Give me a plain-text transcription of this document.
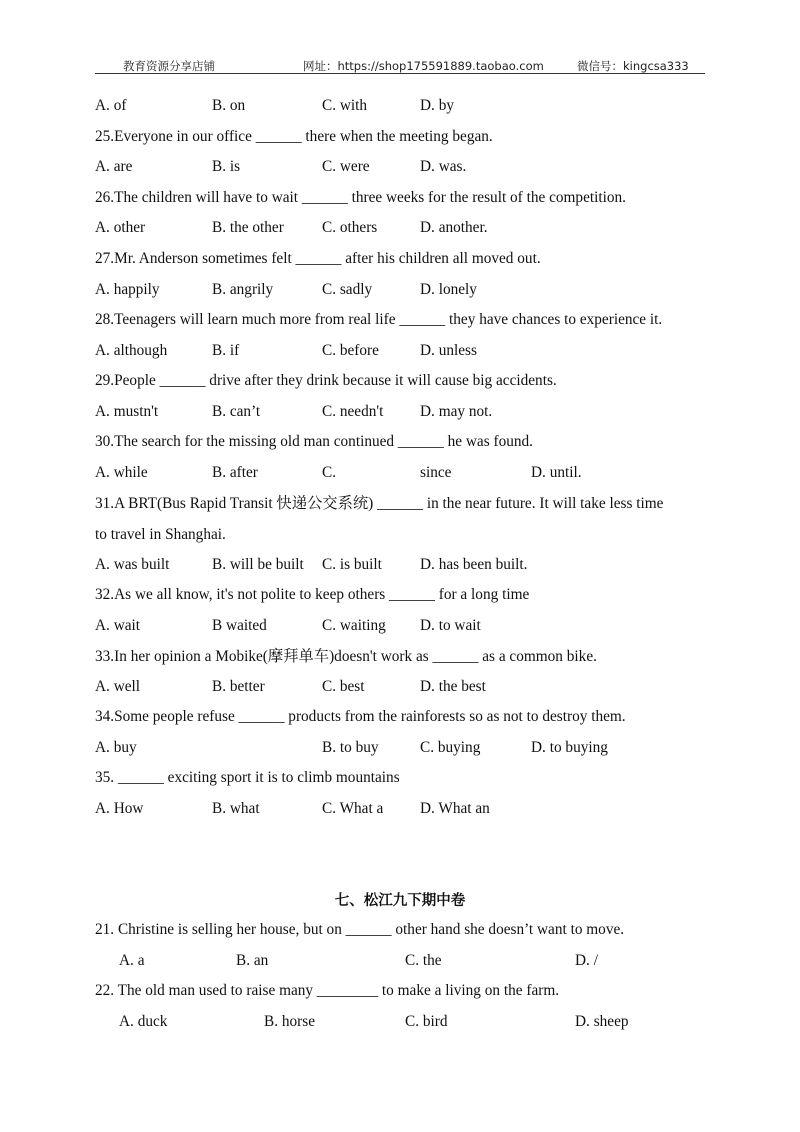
教育资源分享店铺	网址：https://shop175591889.taobao.com	微信号：kingcsa333
A. of	B. on	C. with	D. by
25.Everyone in our office ______ there when the meeting began.
A. are	B. is	C. were	D. was.
26.The children will have to wait ______ three weeks for the result of the competition.
A. other	B. the other C. others	D. another.
27.Mr. Anderson sometimes felt ______ after his children all moved out.
A. happily	B. angrily	C. sadly	D. lonely
28.Teenagers will learn much more from real life ______ they have chances to experience it.
A. although	B. if	C. before	D. unless
29.People ______ drive after they drink because it will cause big accidents.
A. mustn't	B. can’t	C. needn't D. may not.
30.The search for the missing old man continued ______ he was found.
A. while	B. after	C.	since	D. until.
31.A BRT(Bus Rapid Transit 快递公交系统) ______ in the near future. It will take less time
to travel in Shanghai.
A. was built	B. will be built C. is built D. has been built.
32.As we all know, it's not polite to keep others ______ for a long time
A. wait	B waited	C. waiting D. to wait
33.In her opinion a Mobike(摩拜单车)doesn't work as ______ as a common bike.
A. well	B. better	C. best	D. the best
34.Some people refuse ______ products from the rainforests so as not to destroy them.
A. buy	B. to buy	C. buying	D. to buying
35. ______ exciting sport it is to climb mountains
A. How	B. what	C. What a D. What an
七、松江九下期中卷
21. Christine is selling her house, but on ______ other hand she doesn’t want to move.
A. a	B. an	C. the	D. /
22. The old man used to raise many ________ to make a living on the farm.
A. duck	B. horse	C. bird	D. sheep
